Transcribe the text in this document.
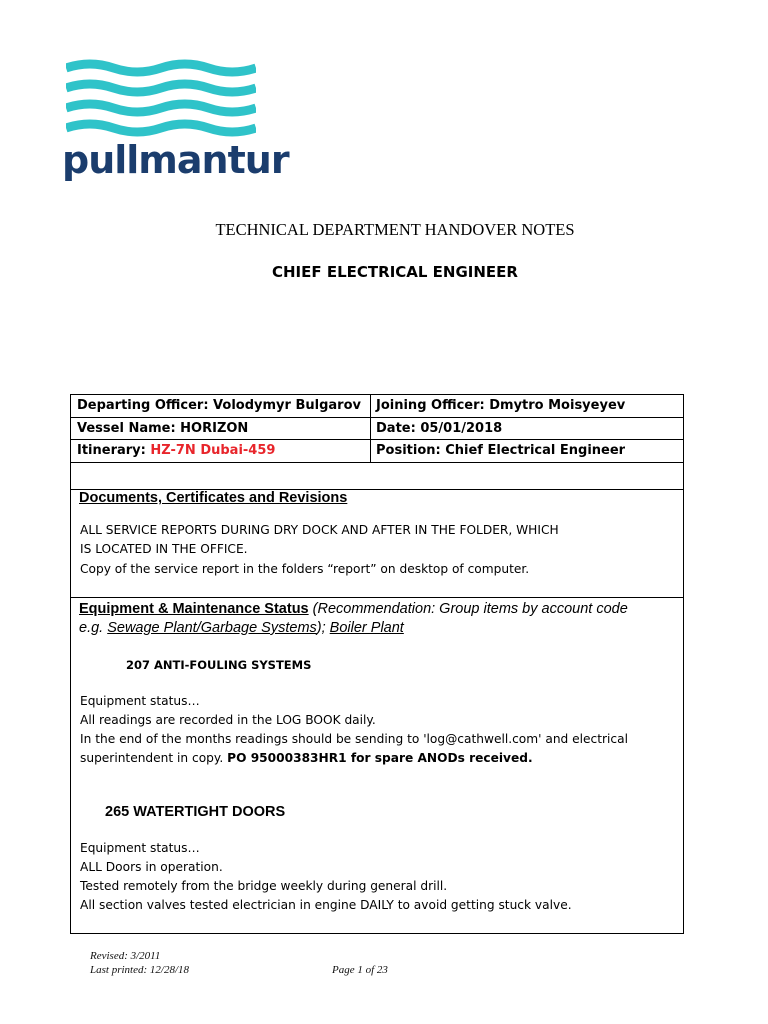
pullmantur
TECHNICAL DEPARTMENT HANDOVER NOTES
CHIEF ELECTRICAL ENGINEER
Departing Officer: Volodymyr Bulgarov	Joining Officer: Dmytro Moisyeyev
Vessel Name: HORIZON	Date: 05/01/2018
Itinerary: HZ-7N Dubai-459	Position: Chief Electrical Engineer
Documents, Certificates and Revisions
ALL SERVICE REPORTS DURING DRY DOCK AND AFTER IN THE FOLDER, WHICH
IS LOCATED IN THE OFFICE.
Copy of the service report in the folders “report” on desktop of computer.
Equipment & Maintenance Status (Recommendation: Group items by account code
e.g. Sewage Plant/Garbage Systems); Boiler Plant
207 ANTI-FOULING SYSTEMS
Equipment status…
All readings are recorded in the LOG BOOK daily.
In the end of the months readings should be sending to 'log@cathwell.com' and electrical
superintendent in copy. PO 95000383HR1 for spare ANODs received.
265 WATERTIGHT DOORS
Equipment status…
ALL Doors in operation.
Tested remotely from the bridge weekly during general drill.
All section valves tested electrician in engine DAILY to avoid getting stuck valve.
Revised: 3/2011
Last printed: 12/28/18	Page 1 of 23
